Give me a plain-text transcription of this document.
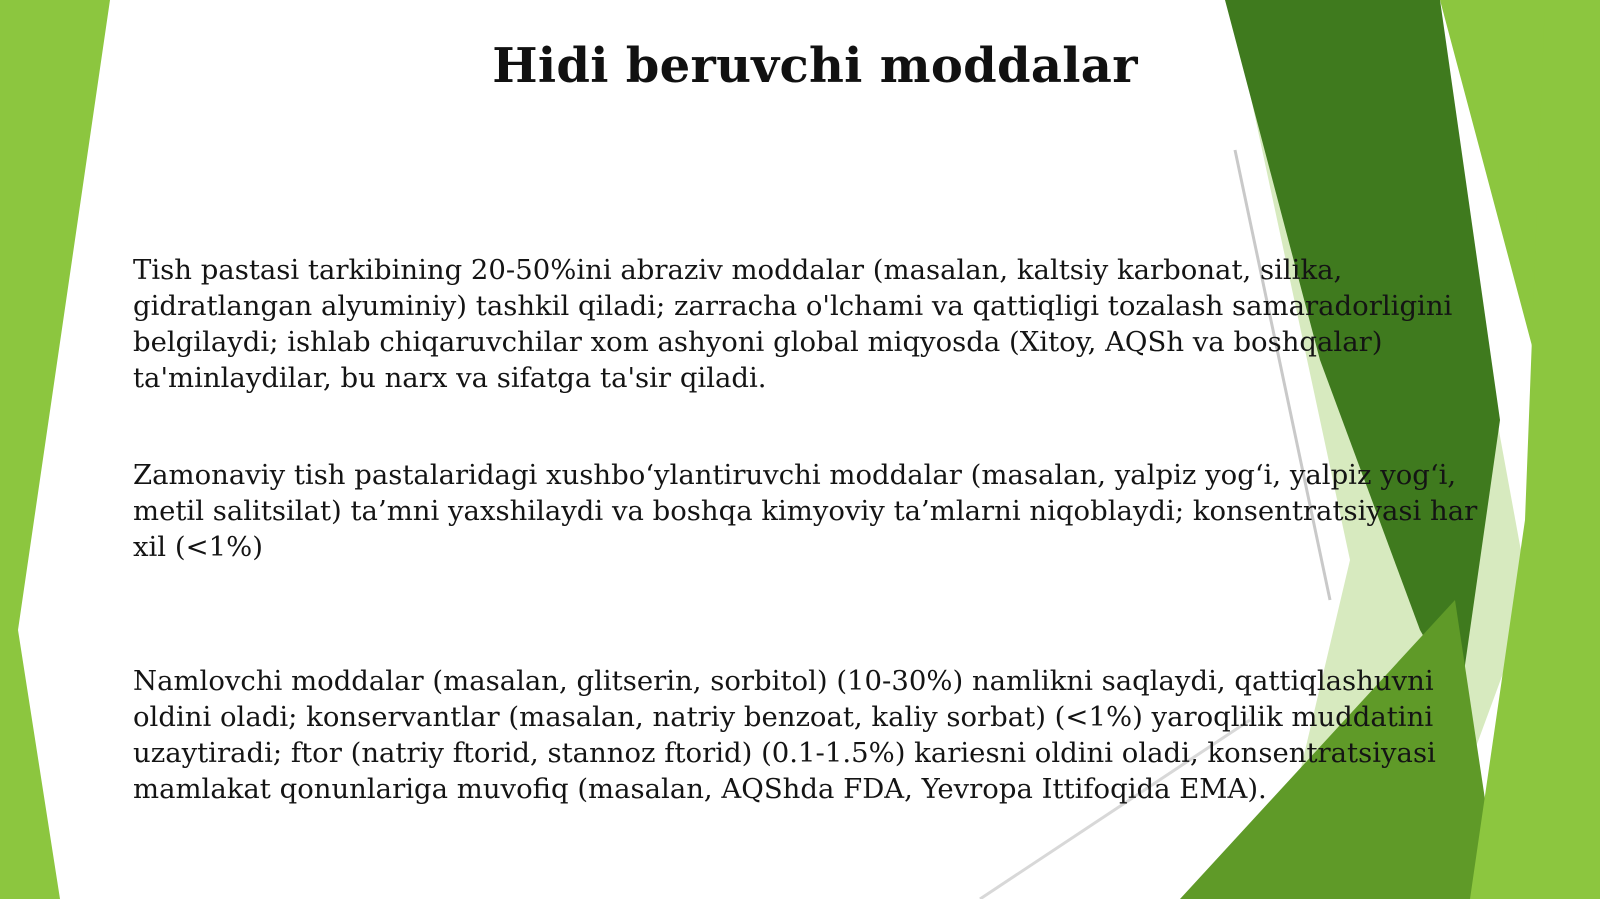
Hidi beruvchi moddalar

Tish pastasi tarkibining 20-50%ini abraziv moddalar (masalan, kaltsiy karbonat, silika, gidratlangan alyuminiy) tashkil qiladi; zarracha o'lchami va qattiqligi tozalash samaradorligini belgilaydi; ishlab chiqaruvchilar xom ashyoni global miqyosda (Xitoy, AQSh va boshqalar) ta'minlaydilar, bu narx va sifatga ta'sir qiladi.

Zamonaviy tish pastalaridagi xushbo‘ylantiruvchi moddalar (masalan, yalpiz yog‘i, yalpiz yog‘i, metil salitsilat) ta’mni yaxshilaydi va boshqa kimyoviy ta’mlarni niqoblaydi; konsentratsiyasi har xil (<1%)

Namlovchi moddalar (masalan, glitserin, sorbitol) (10-30%) namlikni saqlaydi, qattiqlashuvni oldini oladi; konservantlar (masalan, natriy benzoat, kaliy sorbat) (<1%) yaroqlilik muddatini uzaytiradi; ftor (natriy ftorid, stannoz ftorid) (0.1-1.5%) kariesni oldini oladi, konsentratsiyasi mamlakat qonunlariga muvofiq (masalan, AQShda FDA, Yevropa Ittifoqida EMA).
